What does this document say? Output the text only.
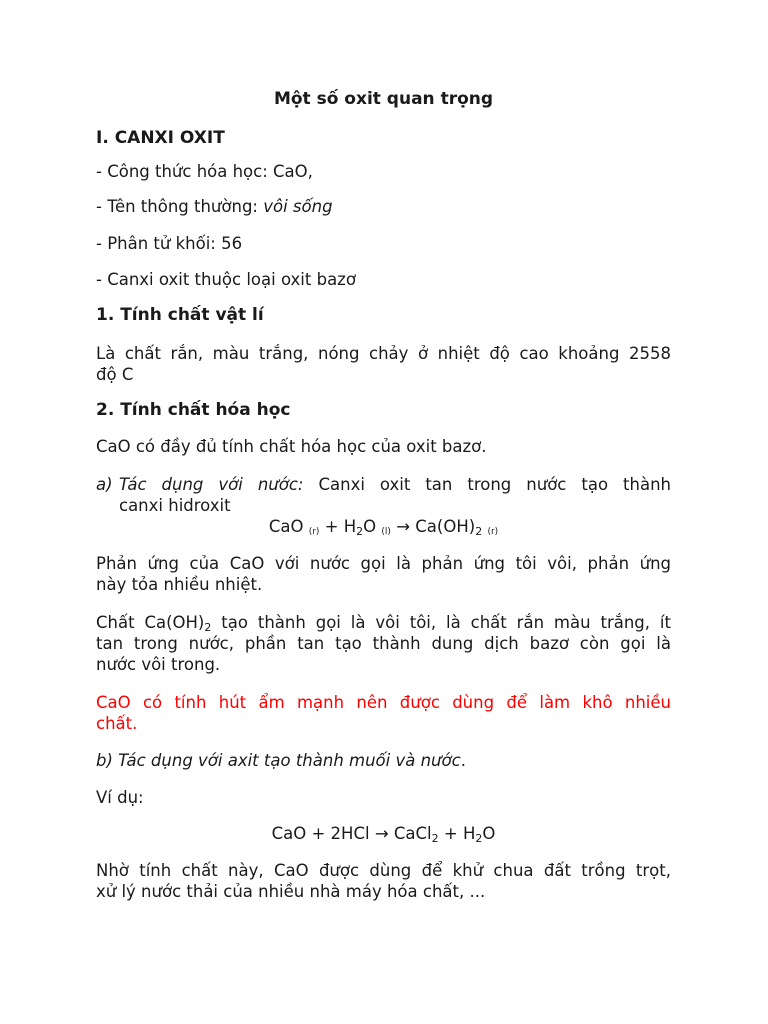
Một số oxit quan trọng
I. CANXI OXIT
- Công thức hóa học: CaO,
- Tên thông thường: vôi sống
- Phân tử khối: 56
- Canxi oxit thuộc loại oxit bazơ
1. Tính chất vật lí
Là chất rắn, màu trắng, nóng chảy ở nhiệt độ cao khoảng 2558
độ C
2. Tính chất hóa học
CaO có đầy đủ tính chất hóa học của oxit bazơ.
a) Tác dụng với nước: Canxi oxit tan trong nước tạo thành
canxi hidroxit
CaO $(r) + H_2O$ $(l) \to Ca(OH)_2$ (r)
Phản ứng của CaO với nước gọi là phản ứng tôi vôi, phản ứng
này tỏa nhiều nhiệt.
Chất $Ca(OH)_2$ tạo thành gọi là vôi tôi, là chất rắn màu trắng, ít
tan trong nước, phần tan tạo thành dung dịch bazơ còn gọi là
nước vôi trong.
CaO có tính hút ẩm mạnh nên được dùng để làm khô nhiều
chất.
b) Tác dụng với axit tạo thành muối và nước.
Ví dụ:
CaO + 2HCl → CaCl$_2$ + $H_2O$
Nhờ tính chất này, CaO được dùng để khử chua đất trồng trọt,
xử lý nước thải của nhiều nhà máy hóa chất, ...
